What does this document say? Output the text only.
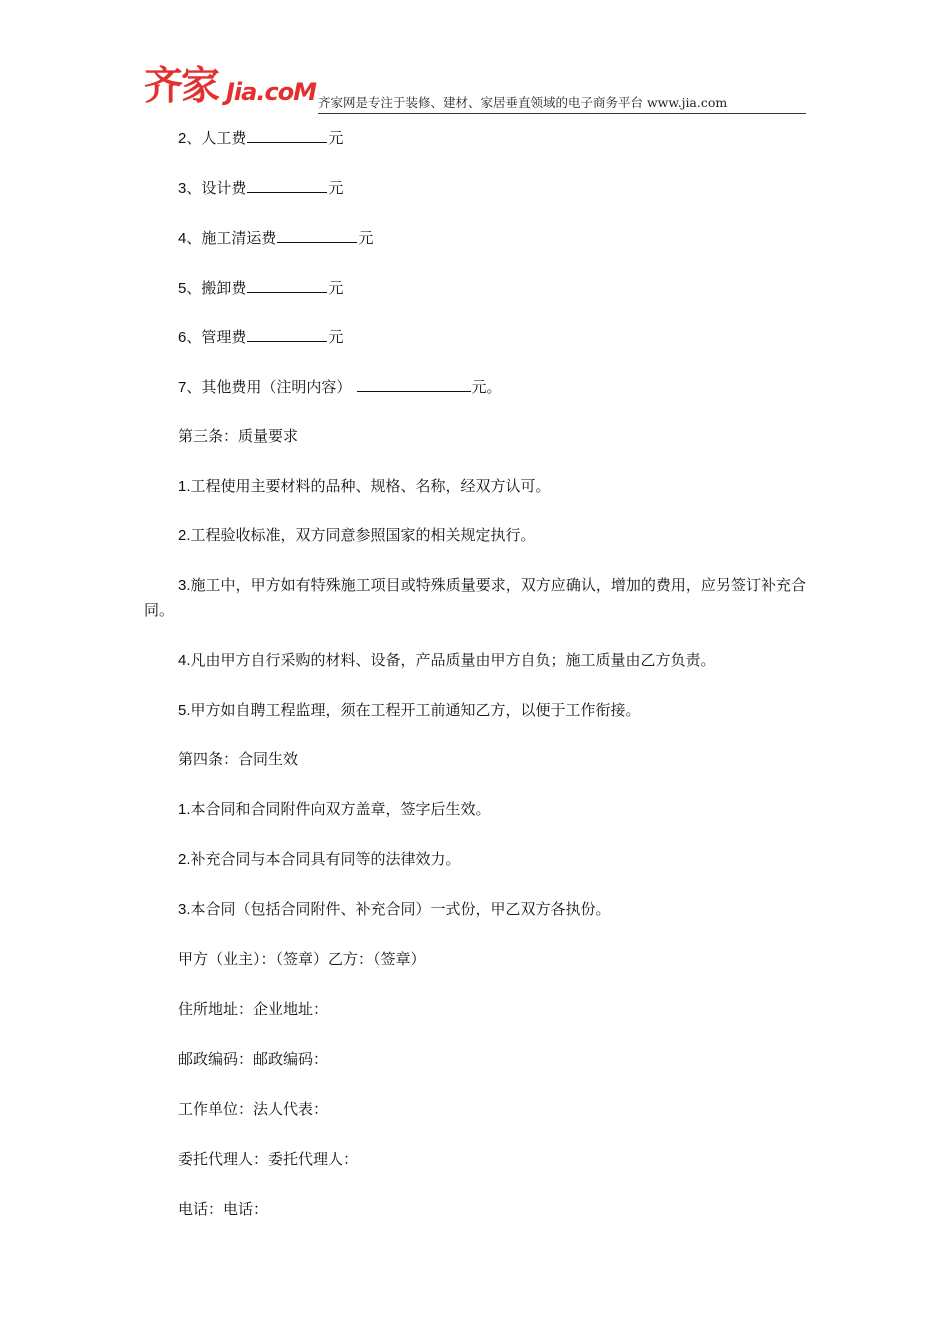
齐家 Jia.coM 齐家网是专注于装修、建材、家居垂直领域的电子商务平台 www.jia.com
2、人工费	元
3、设计费	元
4、施工清运费	元
5、搬卸费	元
6、管理费	元
7、其他费用（注明内容）	元。
第三条：质量要求
1.工程使用主要材料的品种、规格、名称，经双方认可。
2.工程验收标准，双方同意参照国家的相关规定执行。
3.施工中，甲方如有特殊施工项目或特殊质量要求，双方应确认，增加的费用，应另签订补充合同。
4.凡由甲方自行采购的材料、设备，产品质量由甲方自负；施工质量由乙方负责。
5.甲方如自聘工程监理，须在工程开工前通知乙方，以便于工作衔接。
第四条：合同生效
1.本合同和合同附件向双方盖章，签字后生效。
2.补充合同与本合同具有同等的法律效力。
3.本合同（包括合同附件、补充合同）一式份，甲乙双方各执份。
甲方（业主）：（签章）乙方：（签章）
住所地址：企业地址：
邮政编码：邮政编码：
工作单位：法人代表：
委托代理人：委托代理人：
电话：电话：
